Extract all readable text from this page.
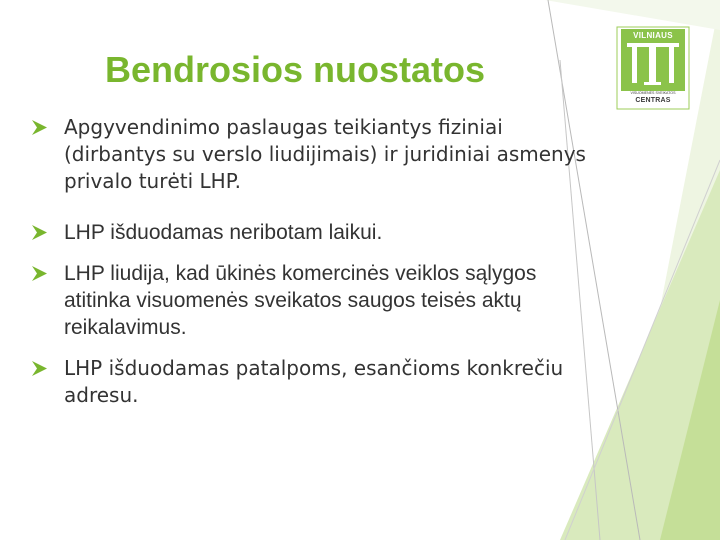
Bendrosios nuostatos
Apgyvendinimo paslaugas teikiantys fiziniai (dirbantys su verslo liudijimais) ir juridiniai asmenys privalo turėti LHP.
LHP išduodamas neribotam laikui.
LHP liudija, kad ūkinės komercinės veiklos sąlygos atitinka visuomenės sveikatos saugos teisės aktų reikalavimus.
LHP išduodamas patalpoms, esančioms konkrečiu adresu.
VILNIAUS
VISUOMENĖS SVEIKATOS
CENTRAS
